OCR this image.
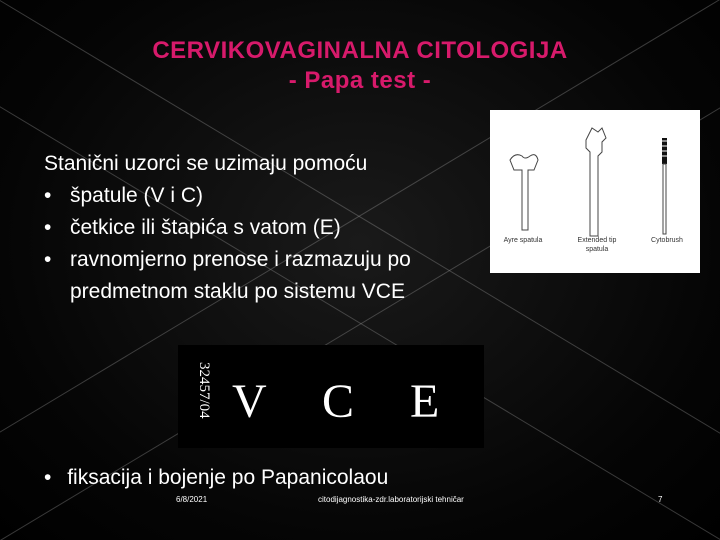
CERVIKOVAGINALNA CITOLOGIJA
- Papa test -
Stanični uzorci se uzimaju pomoću
• špatule (V i C)
• četkice ili štapića s vatom (E)
• ravnomjerno prenose i razmazuju po
predmetnom staklu po sistemu VCE
Ayre spatula	Extended tip spatula
Cytobrush
32457/04 V C E
• fiksacija i bojenje po Papanicolaou
6/8/2021	citodijagnostika-zdr.laboratorijski tehničar	7
